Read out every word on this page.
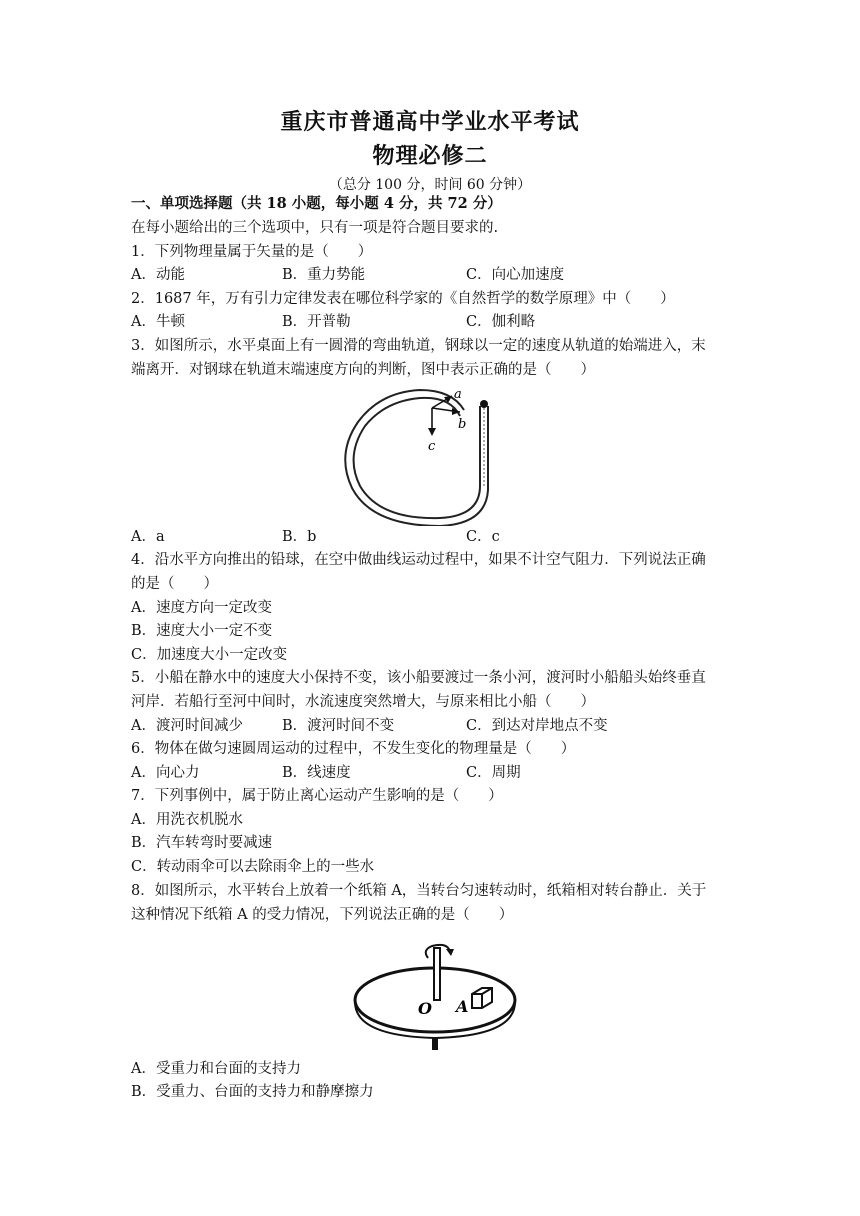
重庆市普通高中学业水平考试
物理必修二
（总分 100 分，时间 60 分钟）
一、单项选择题（共 18 小题，每小题 4 分，共 72 分）
在每小题给出的三个选项中，只有一项是符合题目要求的.
1．下列物理量属于矢量的是（　　）
A．动能	B．重力势能	C．向心加速度
2．1687 年，万有引力定律发表在哪位科学家的《自然哲学的数学原理》中（　　）
A．牛顿	B．开普勒	C．伽利略
3．如图所示，水平桌面上有一圆滑的弯曲轨道，钢球以一定的速度从轨道的始端进入，末
端离开．对钢球在轨道末端速度方向的判断，图中表示正确的是（　　）
a
b
c
A．a	B．b	C．c
4．沿水平方向推出的铅球，在空中做曲线运动过程中，如果不计空气阻力．下列说法正确
的是（　　）
A．速度方向一定改变
B．速度大小一定不变
C．加速度大小一定改变
5．小船在静水中的速度大小保持不变，该小船要渡过一条小河，渡河时小船船头始终垂直
河岸．若船行至河中间时，水流速度突然增大，与原来相比小船（　　）
A．渡河时间减少	B．渡河时间不变	C．到达对岸地点不变
6．物体在做匀速圆周运动的过程中，不发生变化的物理量是（　　）
A．向心力	B．线速度	C．周期
7．下列事例中，属于防止离心运动产生影响的是（　　）
A．用洗衣机脱水
B．汽车转弯时要减速
C．转动雨伞可以去除雨伞上的一些水
8．如图所示，水平转台上放着一个纸箱 A，当转台匀速转动时，纸箱相对转台静止．关于
这种情况下纸箱 A 的受力情况，下列说法正确的是（　　）
O A
A．受重力和台面的支持力
B．受重力、台面的支持力和静摩擦力
